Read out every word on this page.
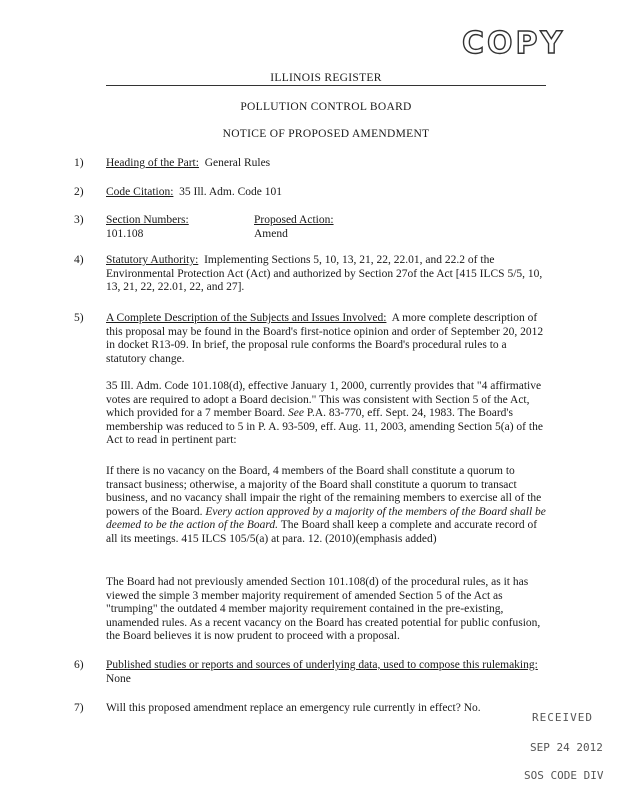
COPY
ILLINOIS REGISTER
POLLUTION CONTROL BOARD
NOTICE OF PROPOSED AMENDMENT
1)	Heading of the Part: General Rules
2)	Code Citation: 35 Ill. Adm. Code 101
3)	Section Numbers:
101.108
Proposed Action:
Amend
4)	Statutory Authority: Implementing Sections 5, 10, 13, 21, 22, 22.01, and 22.2 of the Environmental Protection Act (Act) and authorized by Section 27of the Act [415 ILCS 5/5, 10, 13, 21, 22, 22.01, 22, and 27].
5)	A Complete Description of the Subjects and Issues Involved: A more complete description of this proposal may be found in the Board's first-notice opinion and order of September 20, 2012 in docket R13-09. In brief, the proposal rule conforms the Board's procedural rules to a statutory change.

35 Ill. Adm. Code 101.108(d), effective January 1, 2000, currently provides that "4 affirmative votes are required to adopt a Board decision." This was consistent with Section 5 of the Act, which provided for a 7 member Board. See P.A. 83-770, eff. Sept. 24, 1983. The Board's membership was reduced to 5 in P. A. 93-509, eff. Aug. 11, 2003, amending Section 5(a) of the Act to read in pertinent part:
If there is no vacancy on the Board, 4 members of the Board shall constitute a quorum to transact business; otherwise, a majority of the Board shall constitute a quorum to transact business, and no vacancy shall impair the right of the remaining members to exercise all of the powers of the Board. Every action approved by a majority of the members of the Board shall be deemed to be the action of the Board. The Board shall keep a complete and accurate record of all its meetings. 415 ILCS 105/5(a) at para. 12. (2010)(emphasis added)
The Board had not previously amended Section 101.108(d) of the procedural rules, as it has viewed the simple 3 member majority requirement of amended Section 5 of the Act as "trumping" the outdated 4 member majority requirement contained in the pre-existing, unamended rules. As a recent vacancy on the Board has created potential for public confusion, the Board believes it is now prudent to proceed with a proposal.
6)	Published studies or reports and sources of underlying data, used to compose this rulemaking:  None
7)	Will this proposed amendment replace an emergency rule currently in effect? No.
RECEIVED
SEP 24 2012
SOS CODE DIV
